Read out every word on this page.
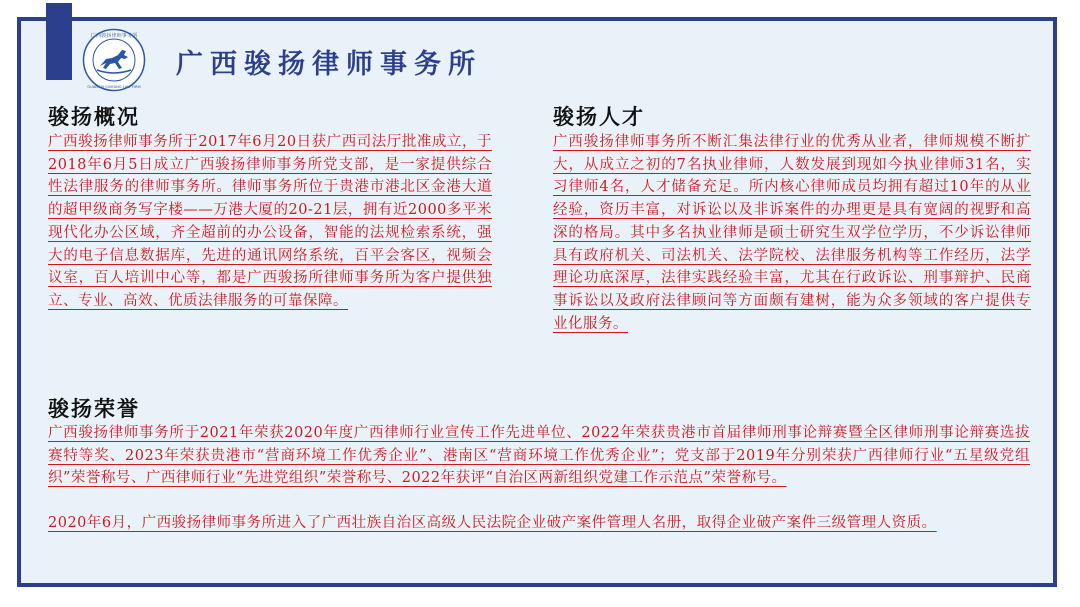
广西骏扬律师事务所
GUANGXI JUNYANG LAW FIRM
广西骏扬律师事务所
骏扬概况

广西骏扬律师事务所于2017年6月20日获广西司法厅批准成立，于2018年6月5日成立广西骏扬律师事务所党支部，是一家提供综合性法律服务的律师事务所。律师事务所位于贵港市港北区金港大道的超甲级商务写字楼——万港大厦的20-21层，拥有近2000多平米现代化办公区域，齐全超前的办公设备，智能的法规检索系统，强大的电子信息数据库，先进的通讯网络系统，百平会客区，视频会议室，百人培训中心等，都是广西骏扬所律师事务所为客户提供独立、专业、高效、优质法律服务的可靠保障。

骏扬人才

广西骏扬律师事务所不断汇集法律行业的优秀从业者，律师规模不断扩大，从成立之初的7名执业律师，人数发展到现如今执业律师31名，实习律师4名，人才储备充足。所内核心律师成员均拥有超过10年的从业经验，资历丰富，对诉讼以及非诉案件的办理更是具有宽阔的视野和高深的格局。其中多名执业律师是硕士研究生双学位学历，不少诉讼律师具有政府机关、司法机关、法学院校、法律服务机构等工作经历，法学理论功底深厚，法律实践经验丰富，尤其在行政诉讼、刑事辩护、民商事诉讼以及政府法律顾问等方面颇有建树，能为众多领域的客户提供专业化服务。

骏扬荣誉

广西骏扬律师事务所于2021年荣获2020年度广西律师行业宣传工作先进单位、2022年荣获贵港市首届律师刑事论辩赛暨全区律师刑事论辩赛选拔赛特等奖、2023年荣获贵港市“营商环境工作优秀企业”、港南区“营商环境工作优秀企业”；党支部于2019年分别荣获广西律师行业“五星级党组织”荣誉称号、广西律师行业“先进党组织”荣誉称号、2022年获评“自治区两新组织党建工作示范点”荣誉称号。

2020年6月，广西骏扬律师事务所进入了广西壮族自治区高级人民法院企业破产案件管理人名册，取得企业破产案件三级管理人资质。
